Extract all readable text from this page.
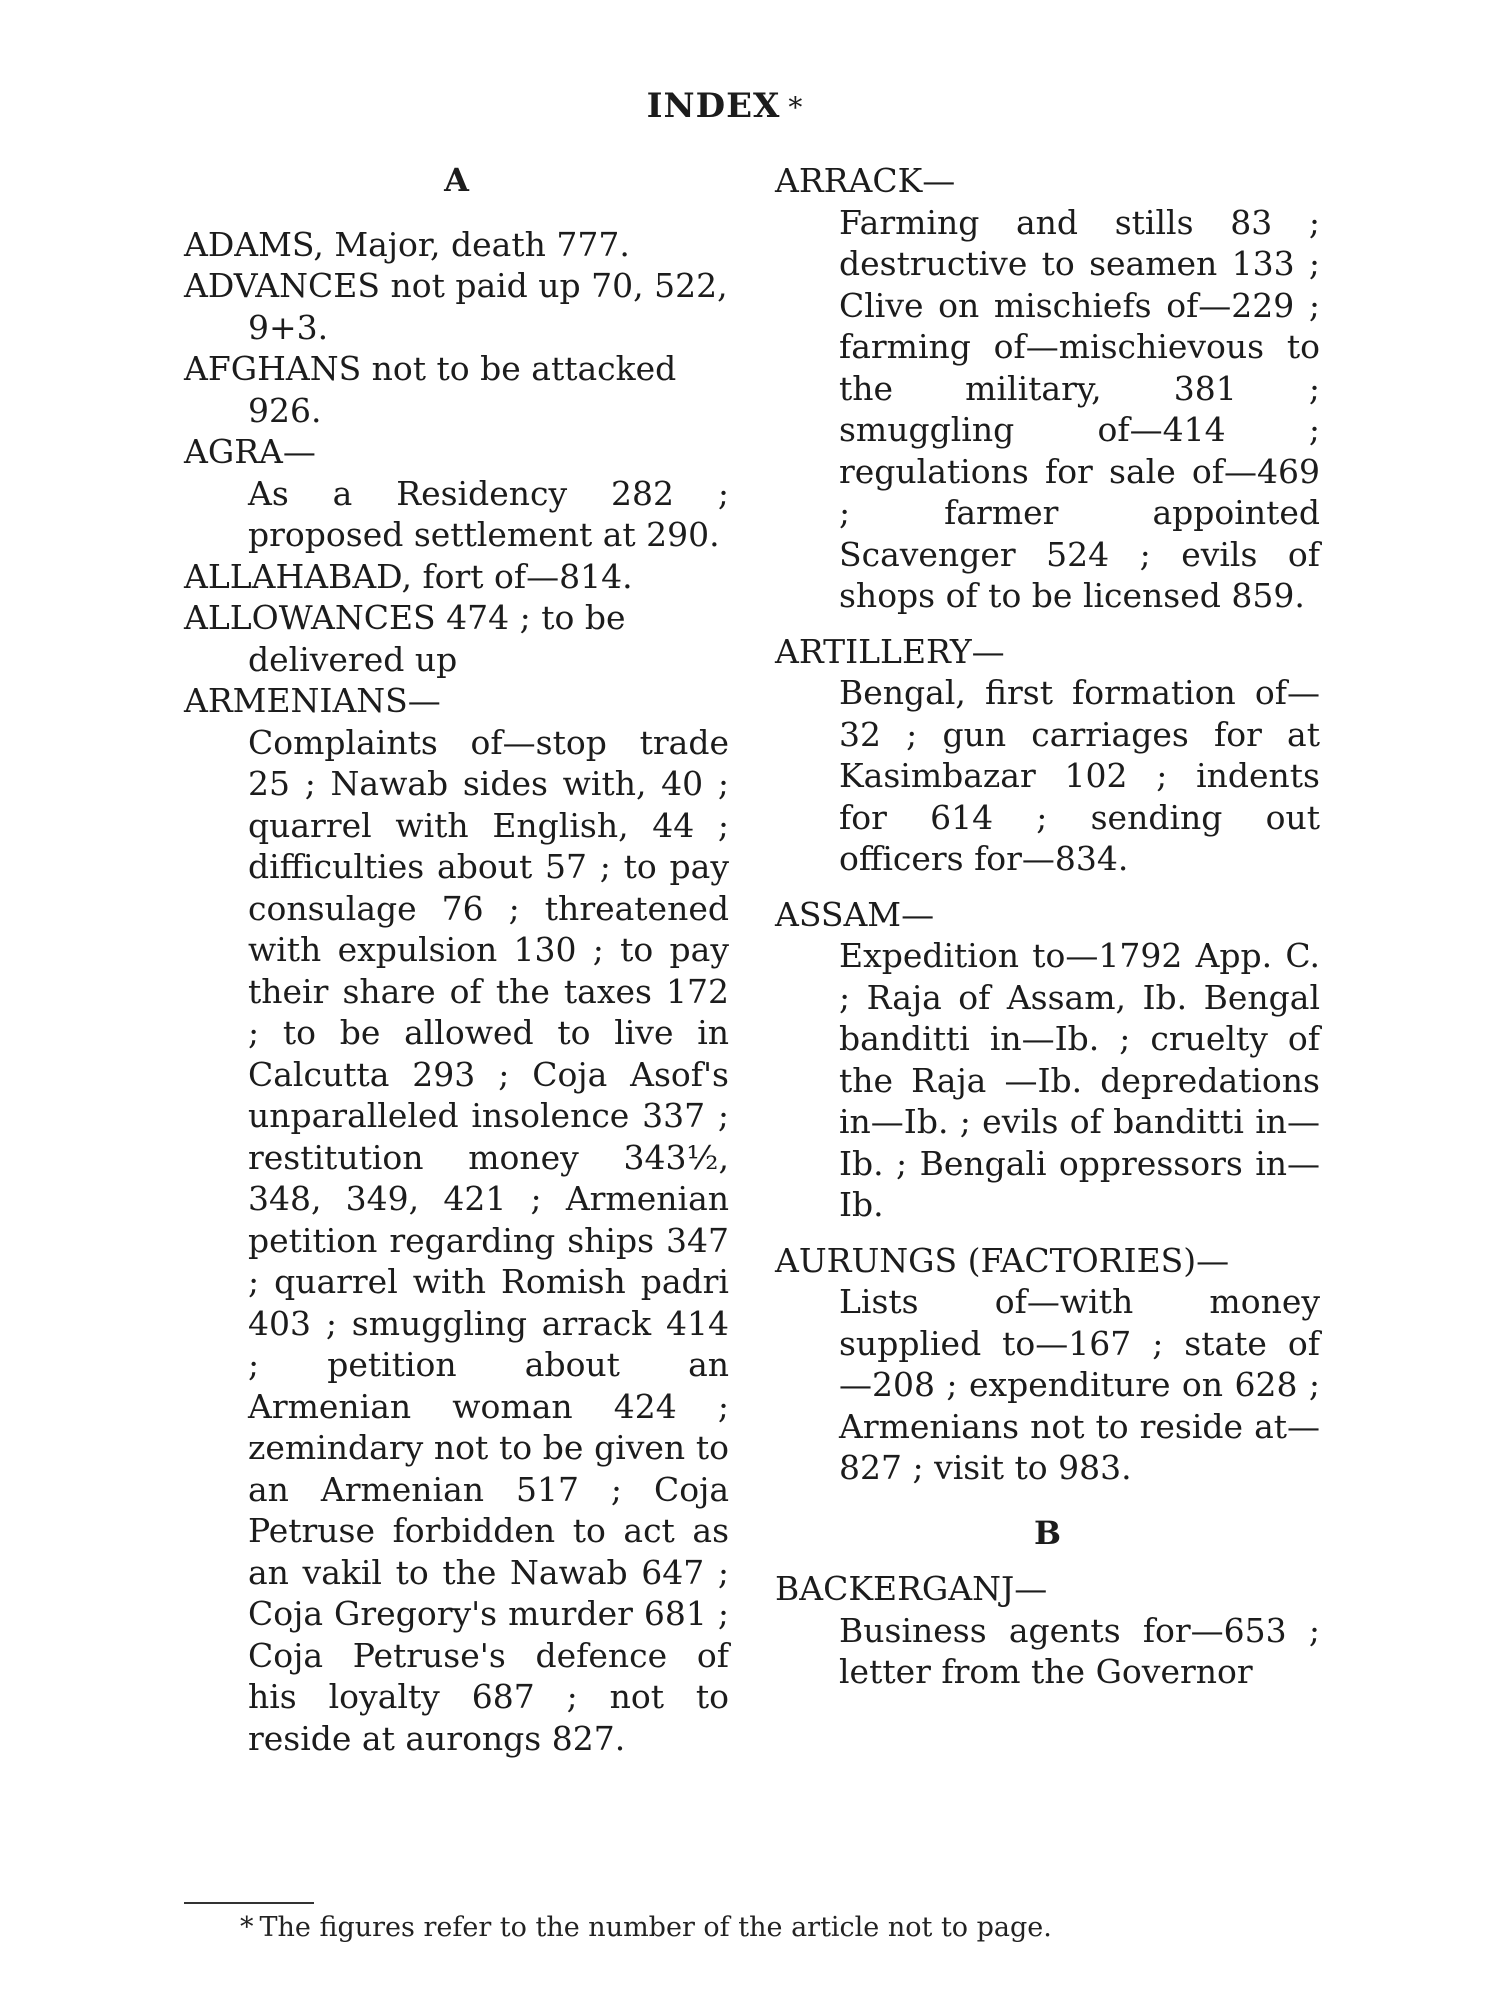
INDEX *
A

ADAMS, Major, death 777.

ADVANCES not paid up 70, 522, 9+3.

AFGHANS not to be attacked 926.

AGRA—

As a Residency 282 ; proposed settlement at 290.

ALLAHABAD, fort of—814.

ALLOWANCES 474 ; to be delivered up

ARMENIANS—

Complaints of—stop trade 25 ; Nawab sides with, 40 ; quarrel with English, 44 ; difficulties about 57 ; to pay consulage 76 ; threatened with expulsion 130 ; to pay their share of the taxes 172 ; to be allowed to live in Calcutta 293 ; Coja Asof's unparalleled insolence 337 ; restitution money 343½, 348, 349, 421 ; Armenian petition regarding ships 347 ; quarrel with Romish padri 403 ; smuggling arrack 414 ; petition about an Armenian woman 424 ; zemindary not to be given to an Armenian 517 ; Coja Petruse forbidden to act as an vakil to the Nawab 647 ; Coja Gregory's murder 681 ; Coja Petruse's defence of his loyalty 687 ; not to reside at aurongs 827.

ARRACK—

Farming and stills 83 ; destructive to seamen 133 ; Clive on mischiefs of—229 ; farming of—mischievous to the military, 381 ; smuggling of—414 ; regulations for sale of—469 ; farmer appointed Scavenger 524 ; evils of shops of to be licensed 859.

ARTILLERY—

Bengal, first formation of—32 ; gun carriages for at Kasimbazar 102 ; indents for 614 ; sending out officers for—834.

ASSAM—

Expedition to—1792 App. C. ; Raja of Assam, Ib. Bengal banditti in—Ib. ; cruelty of the Raja —Ib. depredations in—Ib. ; evils of banditti in—Ib. ; Bengali oppressors in—Ib.

AURUNGS (FACTORIES)—

Lists of—with money supplied to—167 ; state of —208 ; expenditure on 628 ; Armenians not to reside at—827 ; visit to 983.

B

BACKERGANJ—

Business agents for—653 ; letter from the Governor

* The figures refer to the number of the article not to page.
